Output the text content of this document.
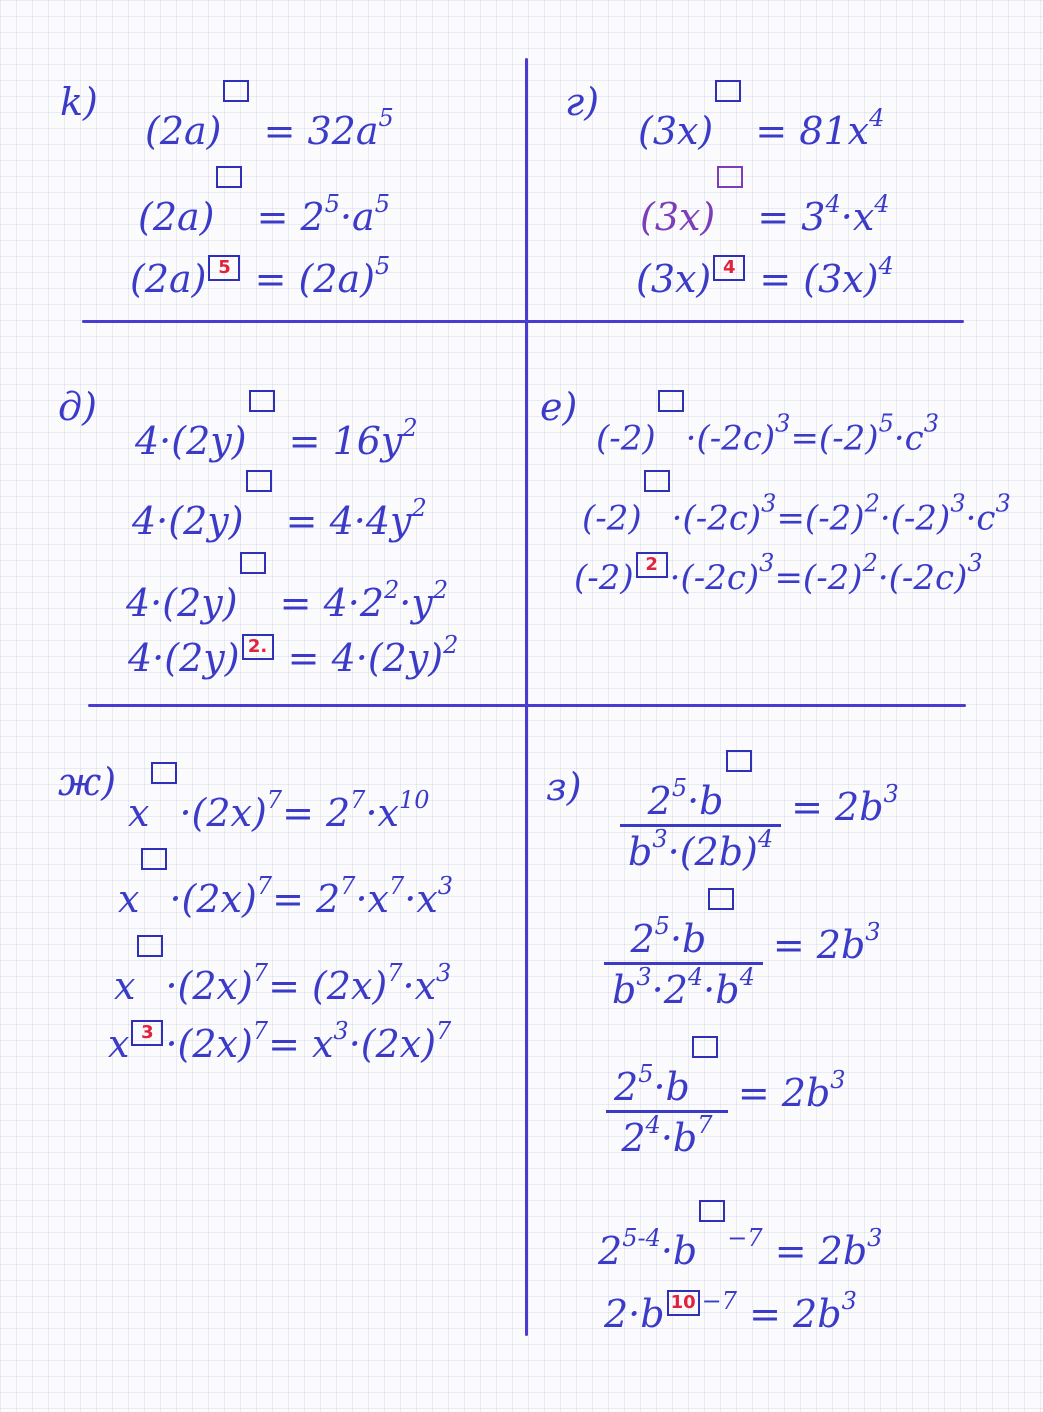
k)
$(2a) = 32a^5$
$(2a) = 2^5\cdot a^5$
(2a) $5 = (2a)^5$
г)
$(3x) = 81x^4$
$(3x) = 3^4\cdot x^4$
(3x) $4 = (3x)^4$
д)
$4\cdot(2y) = 16y^2$
$4\cdot(2y) = 4\cdot 4y^2$
$4\cdot(2y) = 4\cdot 2^2\cdot y^2$
4·(2y) 2. = $4\cdot(2y)^2$
е)
$(-2) \cdot(-2c)^3=(-2)^5\cdot c^3$
$(-2) \cdot(-2c)^3=(-2)^2\cdot(-2)^3\cdot c^3$
(-2) $2 \cdot(-2c)^3=(-2)^2\cdot(-2c)^3$
ж)
$x \cdot(2x)^7= 2^7\cdot x^{10}$
$x \cdot(2x)^7= 2^7\cdot x^7\cdot x^3$
$x \cdot(2x)^7= (2x)^7\cdot x^3$
x $3 \cdot(2x)^7= x^3\cdot(2x)^7$
$з) \frac{2^5\cdot b}{b^3\cdot(2b)^4} = 2b^3$
$\frac{2^5\cdot b}{b^3\cdot 2^4\cdot b^4} = 2b^3$
$\frac{2^5\cdot b}{2^4\cdot b^7} = 2b^3$
$2^{5-4}\cdot b$ $^{-7} = 2b^3$
2·b 10 $^{-7} = 2b^3$
